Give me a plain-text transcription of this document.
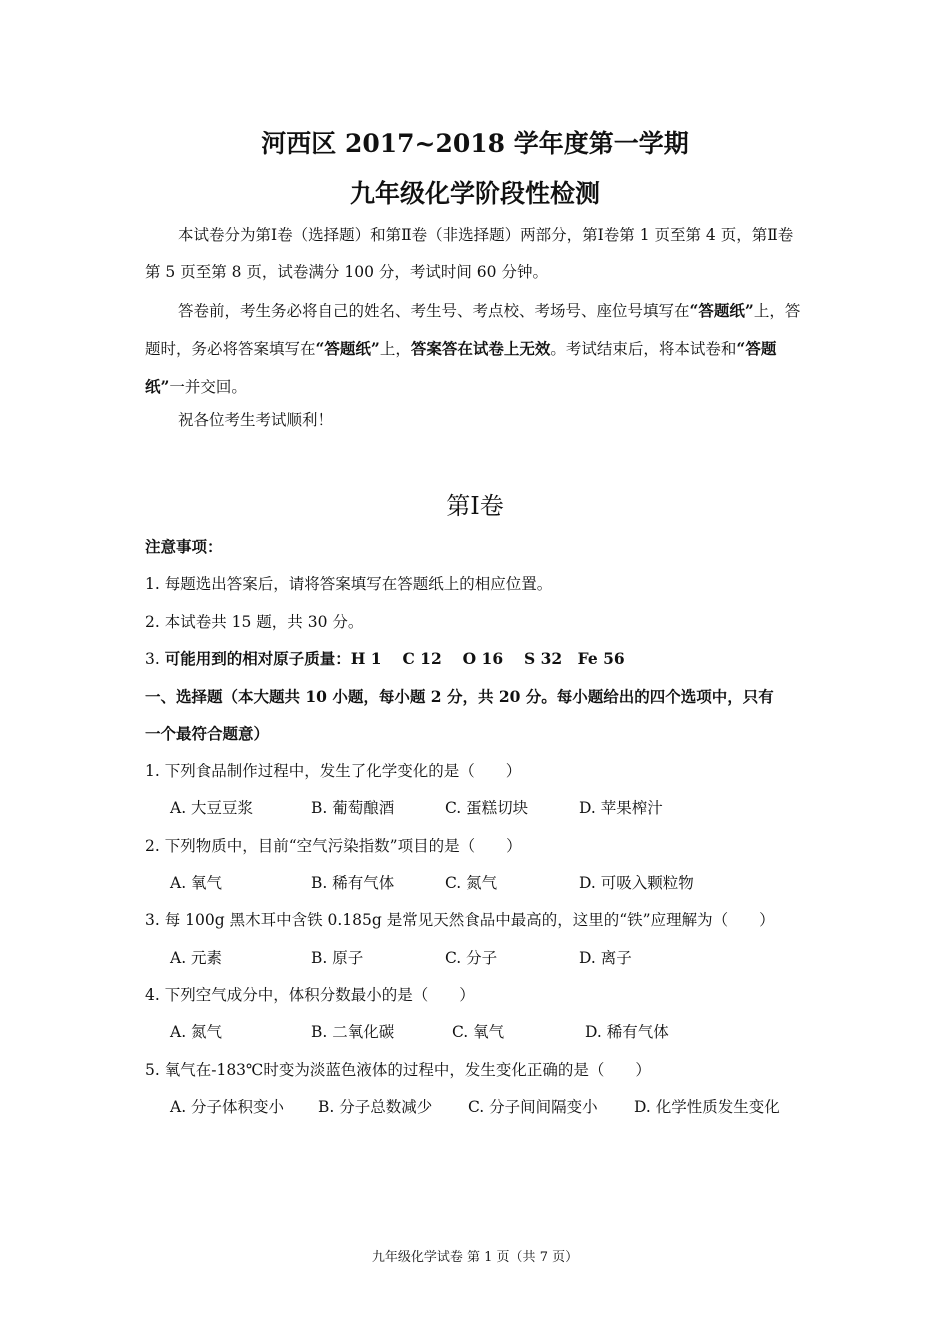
河西区 2017~2018 学年度第一学期
九年级化学阶段性检测
本试卷分为第Ⅰ卷（选择题）和第Ⅱ卷（非选择题）两部分，第Ⅰ卷第 1 页至第 4 页，第Ⅱ卷第 5 页至第 8 页，试卷满分 100 分，考试时间 60 分钟。
答卷前，考生务必将自己的姓名、考生号、考点校、考场号、座位号填写在“答题纸”上，答题时，务必将答案填写在“答题纸”上，答案答在试卷上无效。考试结束后，将本试卷和“答题纸”一并交回。
祝各位考生考试顺利！
第Ⅰ卷
注意事项：
1. 每题选出答案后，请将答案填写在答题纸上的相应位置。
2. 本试卷共 15 题，共 30 分。
3. 可能用到的相对原子质量：H 1　 C 12　 O 16　 S 32　Fe 56
一、选择题（本大题共 10 小题，每小题 2 分，共 20 分。每小题给出的四个选项中，只有
一个最符合题意）
1. 下列食品制作过程中，发生了化学变化的是（　　）
A. 大豆豆浆	B. 葡萄酿酒	C. 蛋糕切块	D. 苹果榨汁
2. 下列物质中，目前“空气污染指数”项目的是（　　）
A. 氧气	B. 稀有气体	C. 氮气	D. 可吸入颗粒物
3. 每 100g 黑木耳中含铁 0.185g 是常见天然食品中最高的，这里的“铁”应理解为（　　）
A. 元素	B. 原子	C. 分子	D. 离子
4. 下列空气成分中，体积分数最小的是（　　）
A. 氮气	B. 二氧化碳	C. 氧气	D. 稀有气体
5. 氧气在-183℃时变为淡蓝色液体的过程中，发生变化正确的是（　　）
A. 分子体积变小 B. 分子总数减少 C. 分子间间隔变小 D. 化学性质发生变化
九年级化学试卷 第 1 页（共 7 页）
